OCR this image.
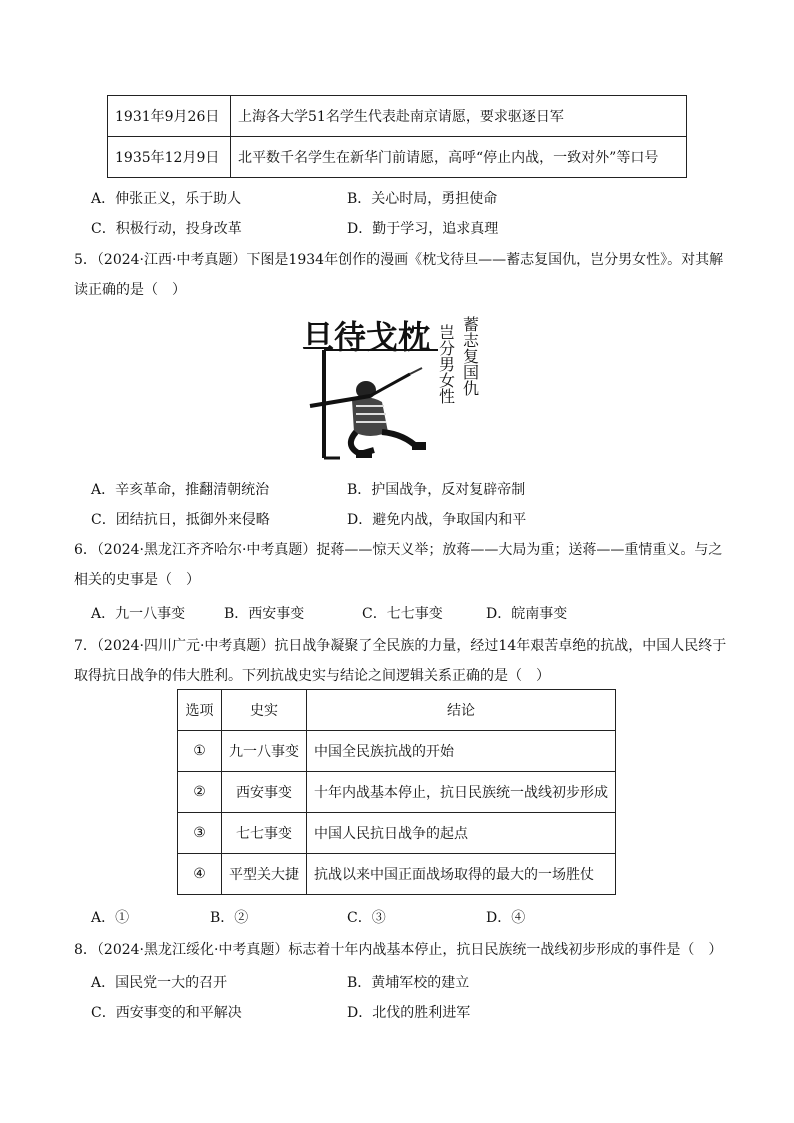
1931年9月26日	上海各大学51名学生代表赴南京请愿，要求驱逐日军
1935年12月9日	北平数千名学生在新华门前请愿，高呼“停止内战，一致对外”等口号
A．伸张正义，乐于助人	B．关心时局，勇担使命
C．积极行动，投身改革	D．勤于学习，追求真理
5．（2024·江西·中考真题）下图是1934年创作的漫画《枕戈待旦——蓄志复国仇，岂分男女性》。对其解
读正确的是（　）
旦待戈枕 岂分男女性 蓄志复国仇
A．辛亥革命，推翻清朝统治	B．护国战争，反对复辟帝制
C．团结抗日，抵御外来侵略	D．避免内战，争取国内和平
6．（2024·黑龙江齐齐哈尔·中考真题）捉蒋——惊天义举；放蒋——大局为重；送蒋——重情重义。与之
相关的史事是（　）
A．九一八事变	B．西安事变	C．七七事变	D．皖南事变
7．（2024·四川广元·中考真题）抗日战争凝聚了全民族的力量，经过14年艰苦卓绝的抗战，中国人民终于
取得抗日战争的伟大胜利。下列抗战史实与结论之间逻辑关系正确的是（　）
选项	史实	结论
①	九一八事变	中国全民族抗战的开始
②	西安事变	十年内战基本停止，抗日民族统一战线初步形成
③	七七事变	中国人民抗日战争的起点
④	平型关大捷	抗战以来中国正面战场取得的最大的一场胜仗
A．①	B．②	C．③	D．④
8．（2024·黑龙江绥化·中考真题）标志着十年内战基本停止，抗日民族统一战线初步形成的事件是（　）
A．国民党一大的召开	B．黄埔军校的建立
C．西安事变的和平解决	D．北伐的胜利进军
